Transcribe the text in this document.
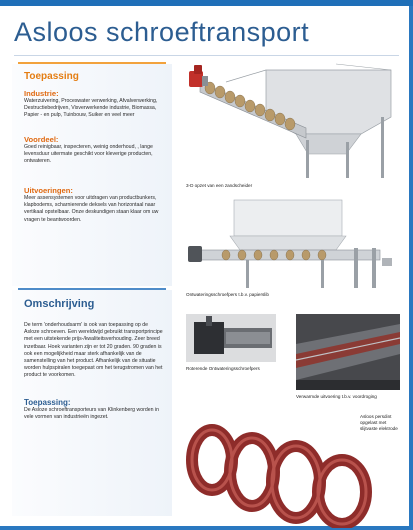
Asloos schroeftransport

Toepassing

Industrie:

Waterzuivering, Proceswater verwerking, Afvalverwerking, Destructiebedrijven, Visverwerkende industrie, Biomassa, Papier - en pulp, Tuinbouw, Suiker en veel meer

Voordeel:

Goed reinigbaar, inspecteren, weinig onderhoud, , lange levensduur uitermate geschikt voor kleverige producten, ontwateren.

Uitvoeringen:

Meer assensystemen voor uitdragen van productbunkers, klapbodems, scharnierende deksels van horizontaal naar vertikaal opstelbaar. Onze deskundigen staan klaar om uw vragen te beantwoorden.

Omschrijving

De term 'onderhoudsarm' is ook van toepassing op de Asloze schroeven. Een wereldwijd gebruikt transportprincipe met een uitstekende prijs-/kwaliteitsverhouding. Zeer breed inzetbaar. Hoek varianten zijn er tot 20 graden. 90 graden is ook een mogelijkheid maar sterk afhankelijk van de samenstelling van het product. Afhankelijk van de situatie worden hulpspiralen toegepast om het terugstromen van het product te voorkomen.

Toepassing:

De Asloze schroeftransporteurs van Klinkenberg worden in vele vormen van industrieën ingezet.

3-D opzet van een zandscheider
Ontwateringsschroefpers t.b.v. papierslib
Roterende Ontwateringsschroefpers
Verwarmde uitvoering t.b.v. voordroging
Asloos persdint opgelast met slijtvaste elektrode
